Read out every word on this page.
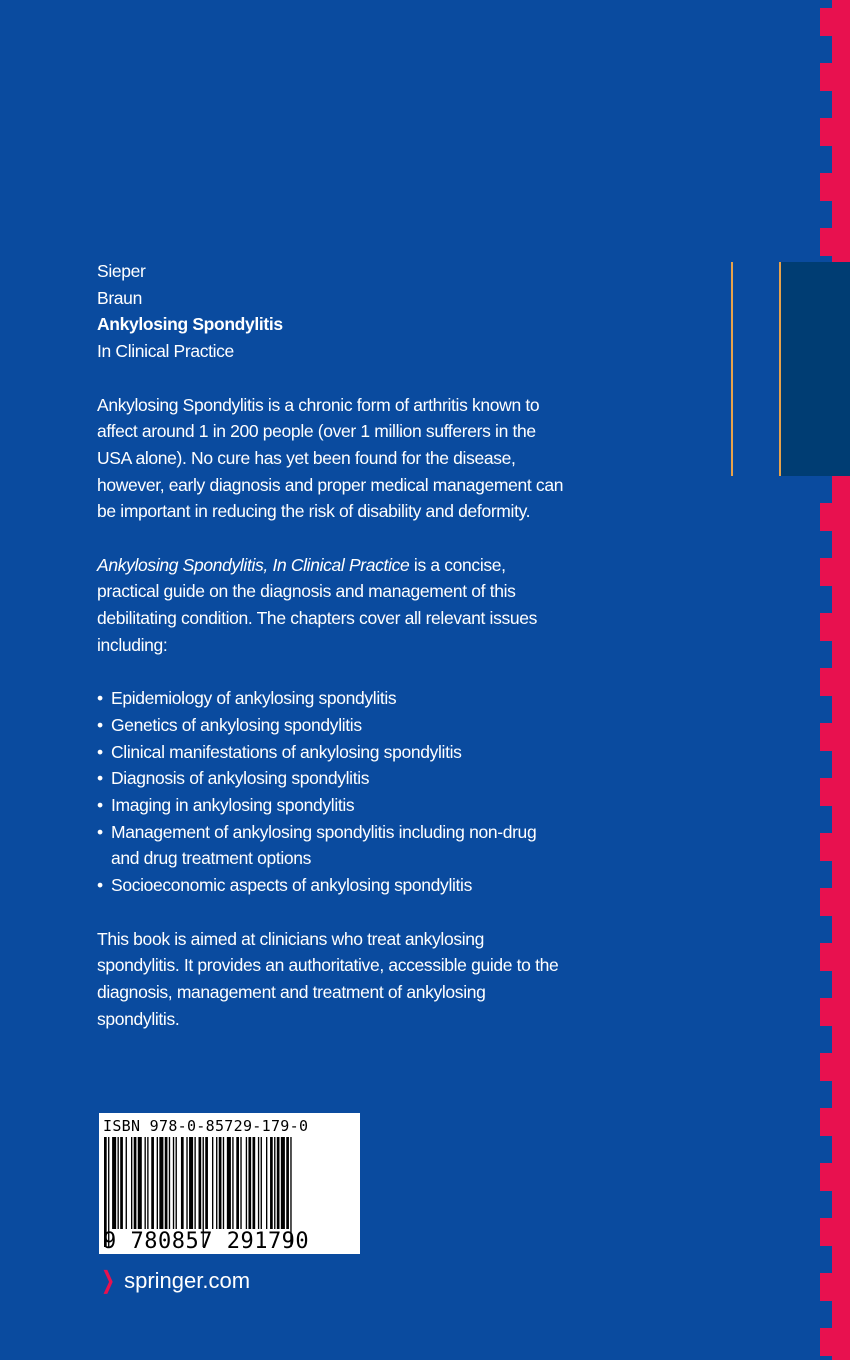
Sieper
Braun
Ankylosing Spondylitis
In Clinical Practice

Ankylosing Spondylitis is a chronic form of arthritis known to affect around 1 in 200 people (over 1 million sufferers in the USA alone). No cure has yet been found for the disease, however, early diagnosis and proper medical management can be important in reducing the risk of disability and deformity.

Ankylosing Spondylitis, In Clinical Practice is a concise, practical guide on the diagnosis and management of this debilitating condition. The chapters cover all relevant issues including:

• Epidemiology of ankylosing spondylitis
• Genetics of ankylosing spondylitis
• Clinical manifestations of ankylosing spondylitis
• Diagnosis of ankylosing spondylitis
• Imaging in ankylosing spondylitis
• Management of ankylosing spondylitis including non-drug and drug treatment options
• Socioeconomic aspects of ankylosing spondylitis

This book is aimed at clinicians who treat ankylosing spondylitis. It provides an authoritative, accessible guide to the diagnosis, management and treatment of ankylosing spondylitis.

ISBN 978-0-85729-179-0
9 780857 291790
❯ springer.com
